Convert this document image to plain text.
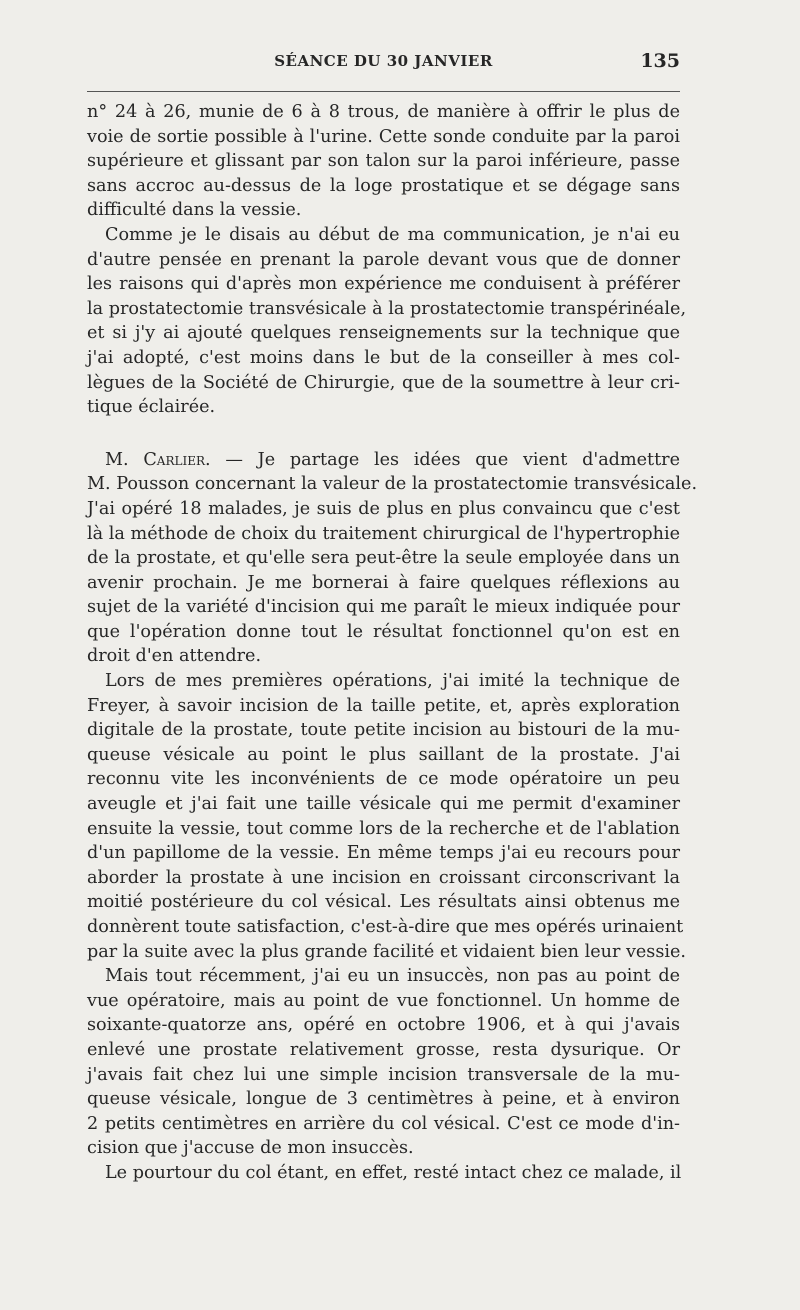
SÉANCE DU 30 JANVIER	135
n° 24 à 26, munie de 6 à 8 trous, de manière à offrir le plus de
voie de sortie possible à l'urine. Cette sonde conduite par la paroi
supérieure et glissant par son talon sur la paroi inférieure, passe
sans accroc au-dessus de la loge prostatique et se dégage sans
difficulté dans la vessie.
Comme je le disais au début de ma communication, je n'ai eu
d'autre pensée en prenant la parole devant vous que de donner
les raisons qui d'après mon expérience me conduisent à préférer
la prostatectomie transvésicale à la prostatectomie transpérinéale,
et si j'y ai ajouté quelques renseignements sur la technique que
j'ai adopté, c'est moins dans le but de la conseiller à mes col-
lègues de la Société de Chirurgie, que de la soumettre à leur cri-
tique éclairée.
M. Carlier. — Je partage les idées que vient d'admettre
M. Pousson concernant la valeur de la prostatectomie transvésicale.
J'ai opéré 18 malades, je suis de plus en plus convaincu que c'est
là la méthode de choix du traitement chirurgical de l'hypertrophie
de la prostate, et qu'elle sera peut-être la seule employée dans un
avenir prochain. Je me bornerai à faire quelques réflexions au
sujet de la variété d'incision qui me paraît le mieux indiquée pour
que l'opération donne tout le résultat fonctionnel qu'on est en
droit d'en attendre.
Lors de mes premières opérations, j'ai imité la technique de
Freyer, à savoir incision de la taille petite, et, après exploration
digitale de la prostate, toute petite incision au bistouri de la mu-
queuse vésicale au point le plus saillant de la prostate. J'ai
reconnu vite les inconvénients de ce mode opératoire un peu
aveugle et j'ai fait une taille vésicale qui me permit d'examiner
ensuite la vessie, tout comme lors de la recherche et de l'ablation
d'un papillome de la vessie. En même temps j'ai eu recours pour
aborder la prostate à une incision en croissant circonscrivant la
moitié postérieure du col vésical. Les résultats ainsi obtenus me
donnèrent toute satisfaction, c'est-à-dire que mes opérés urinaient
par la suite avec la plus grande facilité et vidaient bien leur vessie.
Mais tout récemment, j'ai eu un insuccès, non pas au point de
vue opératoire, mais au point de vue fonctionnel. Un homme de
soixante-quatorze ans, opéré en octobre 1906, et à qui j'avais
enlevé une prostate relativement grosse, resta dysurique. Or
j'avais fait chez lui une simple incision transversale de la mu-
queuse vésicale, longue de 3 centimètres à peine, et à environ
2 petits centimètres en arrière du col vésical. C'est ce mode d'in-
cision que j'accuse de mon insuccès.
Le pourtour du col étant, en effet, resté intact chez ce malade, il
